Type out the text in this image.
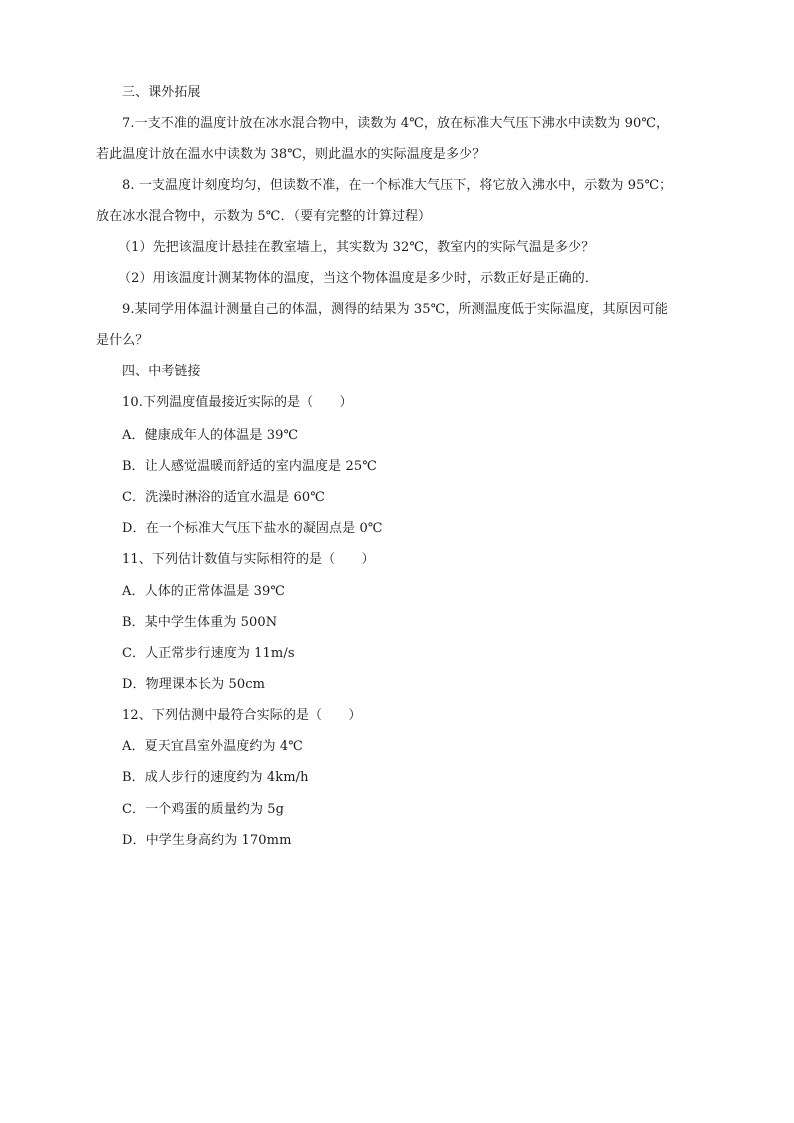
三、课外拓展
7.一支不准的温度计放在冰水混合物中，读数为 4℃，放在标准大气压下沸水中读数为 90℃，
若此温度计放在温水中读数为 38℃，则此温水的实际温度是多少？
8. 一支温度计刻度均匀，但读数不准，在一个标准大气压下，将它放入沸水中，示数为 95℃；
放在冰水混合物中，示数为 5℃．（要有完整的计算过程）
（1）先把该温度计悬挂在教室墙上，其实数为 32℃，教室内的实际气温是多少？
（2）用该温度计测某物体的温度，当这个物体温度是多少时，示数正好是正确的．
9.某同学用体温计测量自己的体温，测得的结果为 35℃，所测温度低于实际温度，其原因可能
是什么？
四、中考链接
10.下列温度值最接近实际的是（　　）
A．健康成年人的体温是 39℃
B．让人感觉温暖而舒适的室内温度是 25℃
C．洗澡时淋浴的适宜水温是 60℃
D．在一个标准大气压下盐水的凝固点是 0℃
11、下列估计数值与实际相符的是（　　）
A．人体的正常体温是 39℃
B．某中学生体重为 500N
C．人正常步行速度为 11m/s
D．物理课本长为 50cm
12、下列估测中最符合实际的是（　　）
A．夏天宜昌室外温度约为 4℃
B．成人步行的速度约为 4km/h
C．一个鸡蛋的质量约为 5g
D．中学生身高约为 170mm
